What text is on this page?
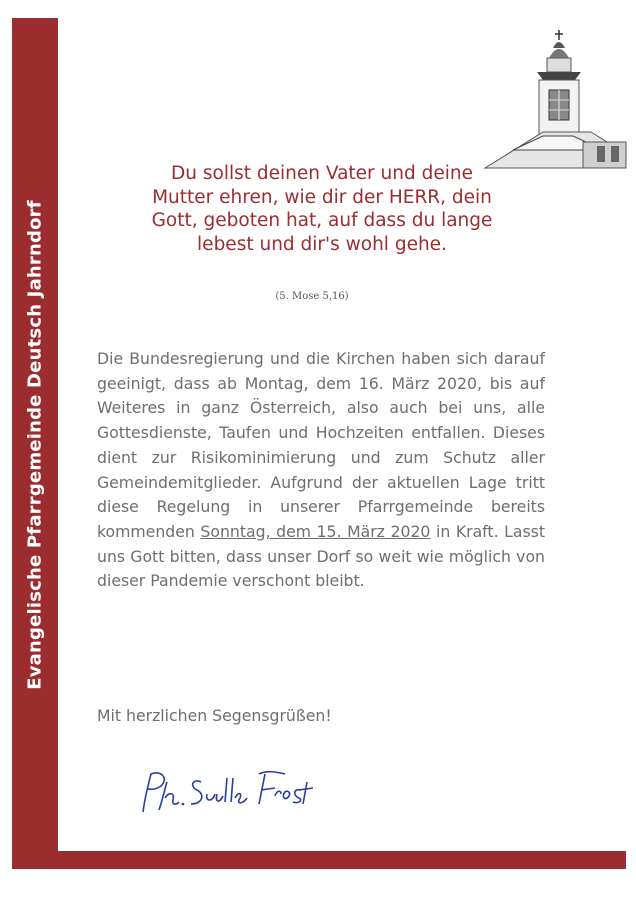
Evangelische Pfarrgemeinde Deutsch Jahrndorf
Du sollst deinen Vater und deine
Mutter ehren, wie dir der HERR, dein
Gott, geboten hat, auf dass du lange
lebest und dir's wohl gehe.
(5. Mose 5,16)
Die Bundesregierung und die Kirchen haben sich darauf geeinigt, dass ab Montag, dem 16. März 2020, bis auf Weiteres in ganz Österreich, also auch bei uns, alle Gottesdienste, Taufen und Hochzeiten entfallen. Dieses dient zur Risikominimierung und zum Schutz aller Gemeindemitglieder. Aufgrund der aktuellen Lage tritt diese Regelung in unserer Pfarrgemeinde bereits kommenden Sonntag, dem 15. März 2020 in Kraft. Lasst uns Gott bitten, dass unser Dorf so weit wie möglich von dieser Pandemie verschont bleibt.
Mit herzlichen Segensgrüßen!
